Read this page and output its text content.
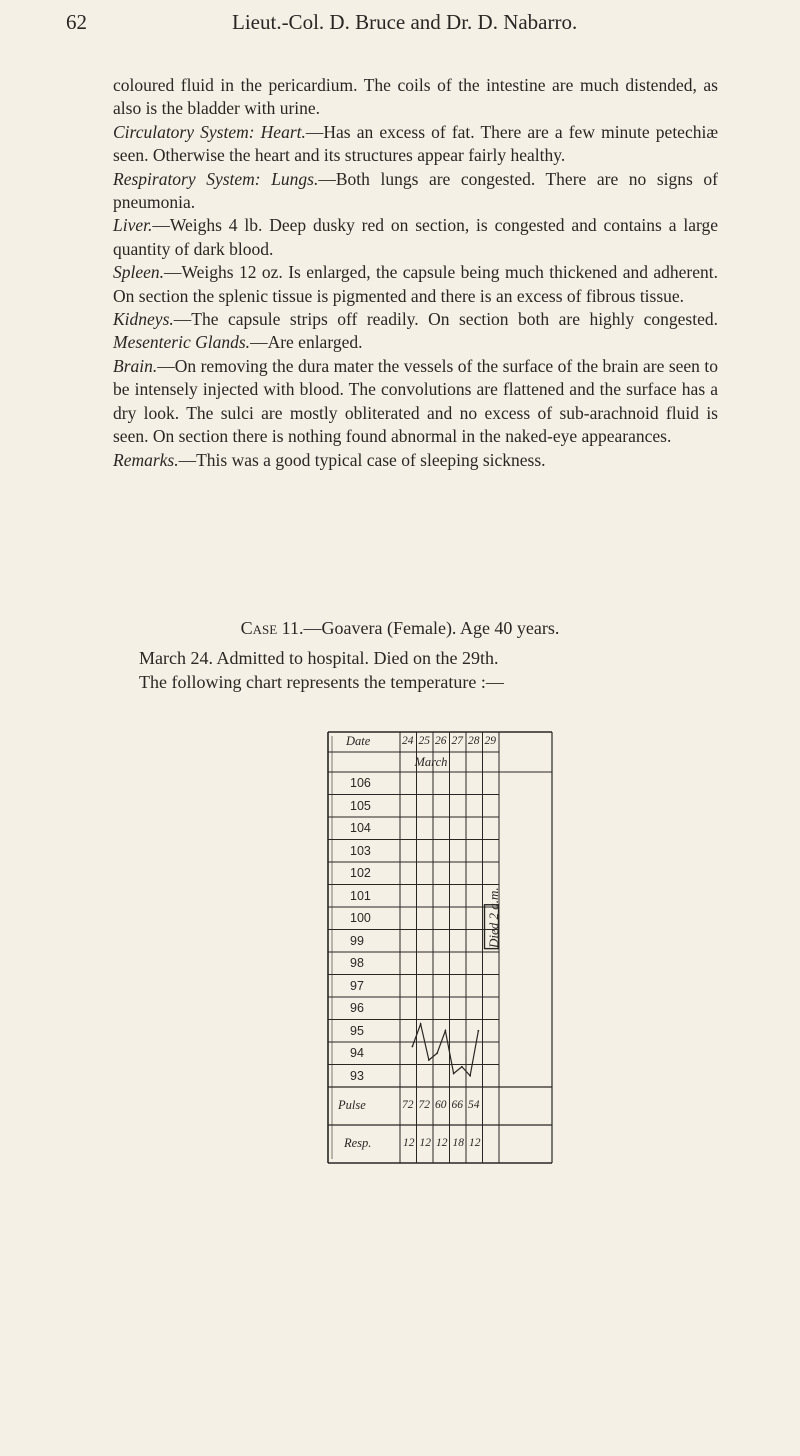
62	Lieut.-Col. D. Bruce and Dr. D. Nabarro.

coloured fluid in the pericardium. The coils of the intestine are much distended, as also is the bladder with urine.

Circulatory System: Heart.—Has an excess of fat. There are a few minute petechiæ seen. Otherwise the heart and its structures appear fairly healthy.

Respiratory System: Lungs.—Both lungs are congested. There are no signs of pneumonia.

Liver.—Weighs 4 lb. Deep dusky red on section, is congested and contains a large quantity of dark blood.

Spleen.—Weighs 12 oz. Is enlarged, the capsule being much thickened and adherent. On section the splenic tissue is pigmented and there is an excess of fibrous tissue.

Kidneys.—The capsule strips off readily. On section both are highly congested. Mesenteric Glands.—Are enlarged.

Brain.—On removing the dura mater the vessels of the surface of the brain are seen to be intensely injected with blood. The convolutions are flattened and the surface has a dry look. The sulci are mostly obliterated and no excess of sub-arachnoid fluid is seen. On section there is nothing found abnormal in the naked-eye appearances.

Remarks.—This was a good typical case of sleeping sickness.

Case 11.—Goavera (Female). Age 40 years.
March 24. Admitted to hospital. Died on the 29th.
The following chart represents the temperature :—
Date	24 25 26 27 28 29
March
106
105
104
103
102
101
100
99
98
97
96
95
94
93
Pulse
Resp.
72 72 60 66 54
12 12 12 18 12
Died 2 a.m.
